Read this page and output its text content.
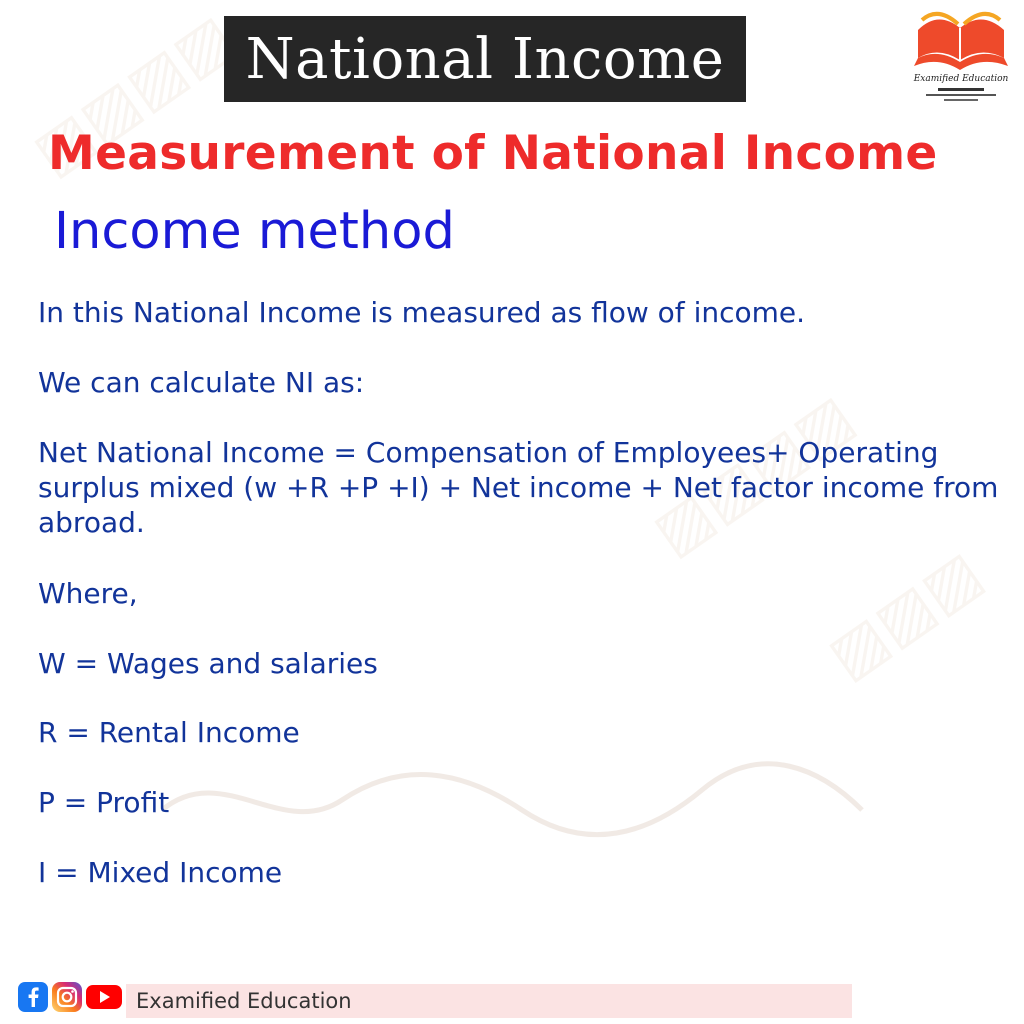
▨▨▨▨
▨▨▨▨
▨▨▨
National Income	Examified Education
Measurement of National Income
Income method
In this National Income is measured as flow of income.
We can calculate NI as:
Net National Income = Compensation of Employees+ Operating surplus mixed (w +R +P +I) + Net income + Net factor income from abroad.
Where,
W = Wages and salaries
R = Rental Income
P = Profit
I = Mixed Income
Examified Education
